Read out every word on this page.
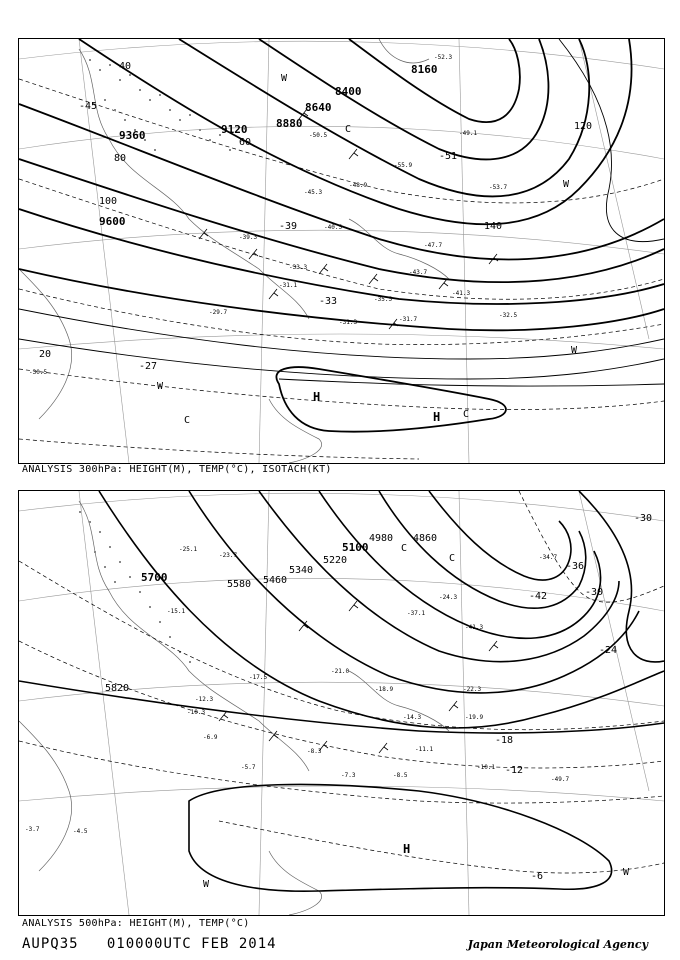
9360
9600
9120	8880
8640
8400
8160
40
60
80
100
120
140
20
-45
-39
-33
-51
-27
-52.3
-53.7
-49.1
-55.9
-45.3
-41.3
-39.3
-35.5
-31.7
-31.3
-31.1
-29.7
-50.5
-48.9
-47.7
-43.7
-40.5
-33.3
-32.5
-30.5
H
H
W
C
W
C
C
W
W
ANALYSIS 300hPa: HEIGHT(M), TEMP(°C), ISOTACH(KT)
5700
5580 5460
5340
5220
5100
4980 4860
5820
-42
-36
-30
-24
-30
-18
-12
-6
-25.1
-23.7
-17.5
-15.1
-12.3
-10.3
-8.3
-6.9
-5.7
-4.5
-3.7
-7.3	-8.5
-10.1
-11.1
-19.9
-22.3
-24.3
-34.7
-49.7
-41.3
-37.1
-21.0
-18.9
-14.3
H
C
C
W
W
ANALYSIS 500hPa: HEIGHT(M), TEMP(°C)
AUPQ35 010000UTC FEB 2014	Japan Meteorological Agency
